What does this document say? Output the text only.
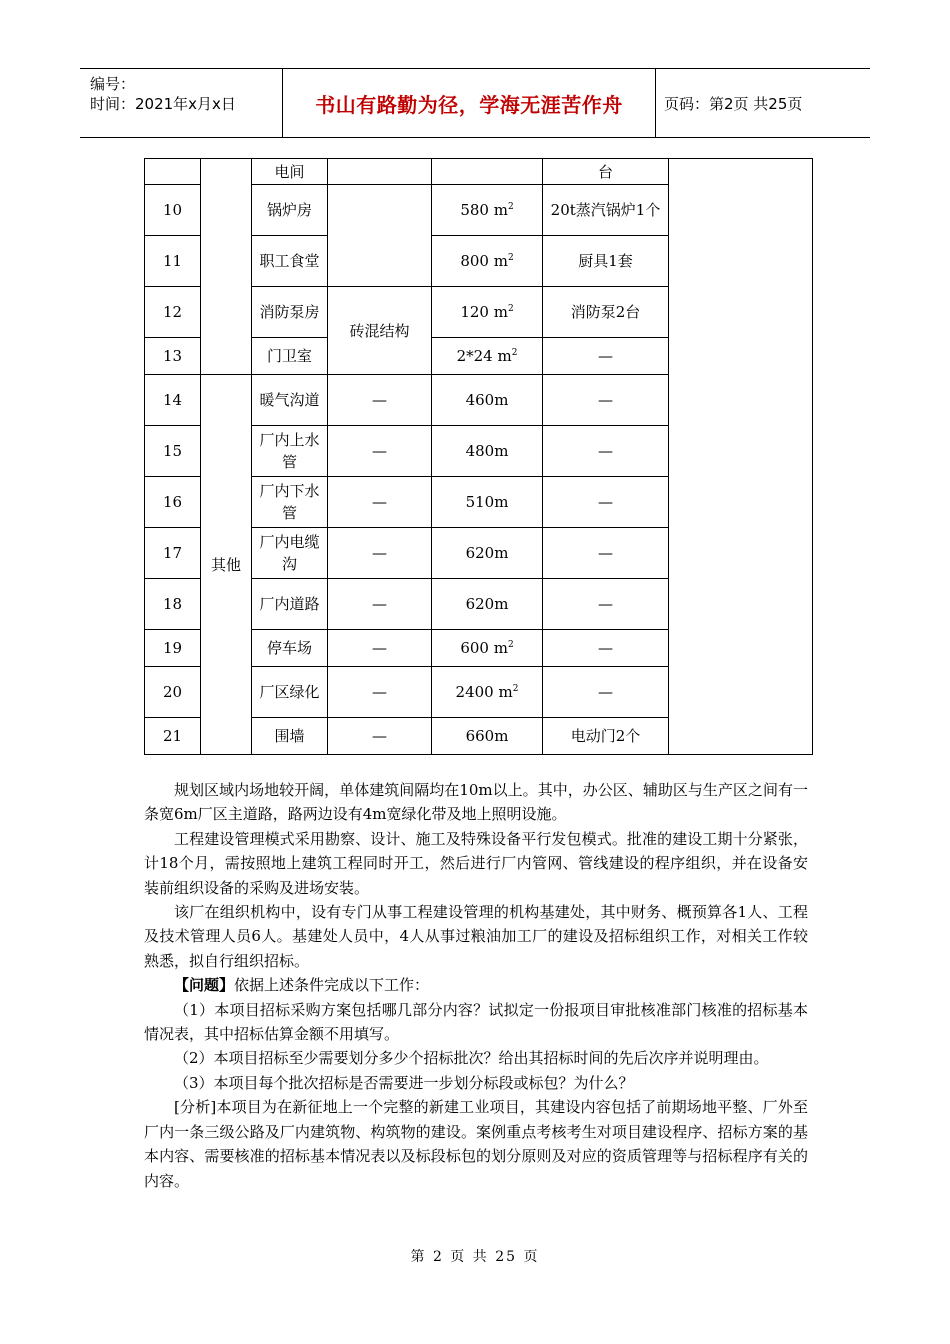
编号：
时间：2021年x月x日	书山有路勤为径，学海无涯苦作舟	页码：第2页 共25页
		电间			台	
10		锅炉房		580 $m^2$	20t蒸汽锅炉1个	
11		职工食堂		800 $m^2$	厨具1套	
12		消防泵房	砖混结构	120 $m^2$	消防泵2台	
13		门卫室		2*24 $m^2$	—	
14	其他	暖气沟道	—	460m	—	
15		厂内上水管	—	480m	—	
16		厂内下水管	—	510m	—	
17		厂内电缆沟	—	620m	—	
18		厂内道路	—	620m	—	
19		停车场	—	600 $m^2$	—	
20		厂区绿化	—	2400 $m^2$	—	
21		围墙	—	660m	电动门2个	

规划区域内场地较开阔，单体建筑间隔均在10m以上。其中，办公区、辅助区与生产区之间有一条宽6m厂区主道路，路两边设有4m宽绿化带及地上照明设施。

工程建设管理模式采用勘察、设计、施工及特殊设备平行发包模式。批准的建设工期十分紧张，计18个月，需按照地上建筑工程同时开工，然后进行厂内管网、管线建设的程序组织，并在设备安装前组织设备的采购及进场安装。

该厂在组织机构中，设有专门从事工程建设管理的机构基建处，其中财务、概预算各1人、工程及技术管理人员6人。基建处人员中，4人从事过粮油加工厂的建设及招标组织工作，对相关工作较熟悉，拟自行组织招标。

【问题】依据上述条件完成以下工作：

（1）本项目招标采购方案包括哪几部分内容？试拟定一份报项目审批核准部门核准的招标基本情况表，其中招标估算金额不用填写。

（2）本项目招标至少需要划分多少个招标批次？给出其招标时间的先后次序并说明理由。

（3）本项目每个批次招标是否需要进一步划分标段或标包？为什么？

[分析]本项目为在新征地上一个完整的新建工业项目，其建设内容包括了前期场地平整、厂外至厂内一条三级公路及厂内建筑物、构筑物的建设。案例重点考核考生对项目建设程序、招标方案的基本内容、需要核准的招标基本情况表以及标段标包的划分原则及对应的资质管理等与招标程序有关的内容。

第 2 页 共 25 页
